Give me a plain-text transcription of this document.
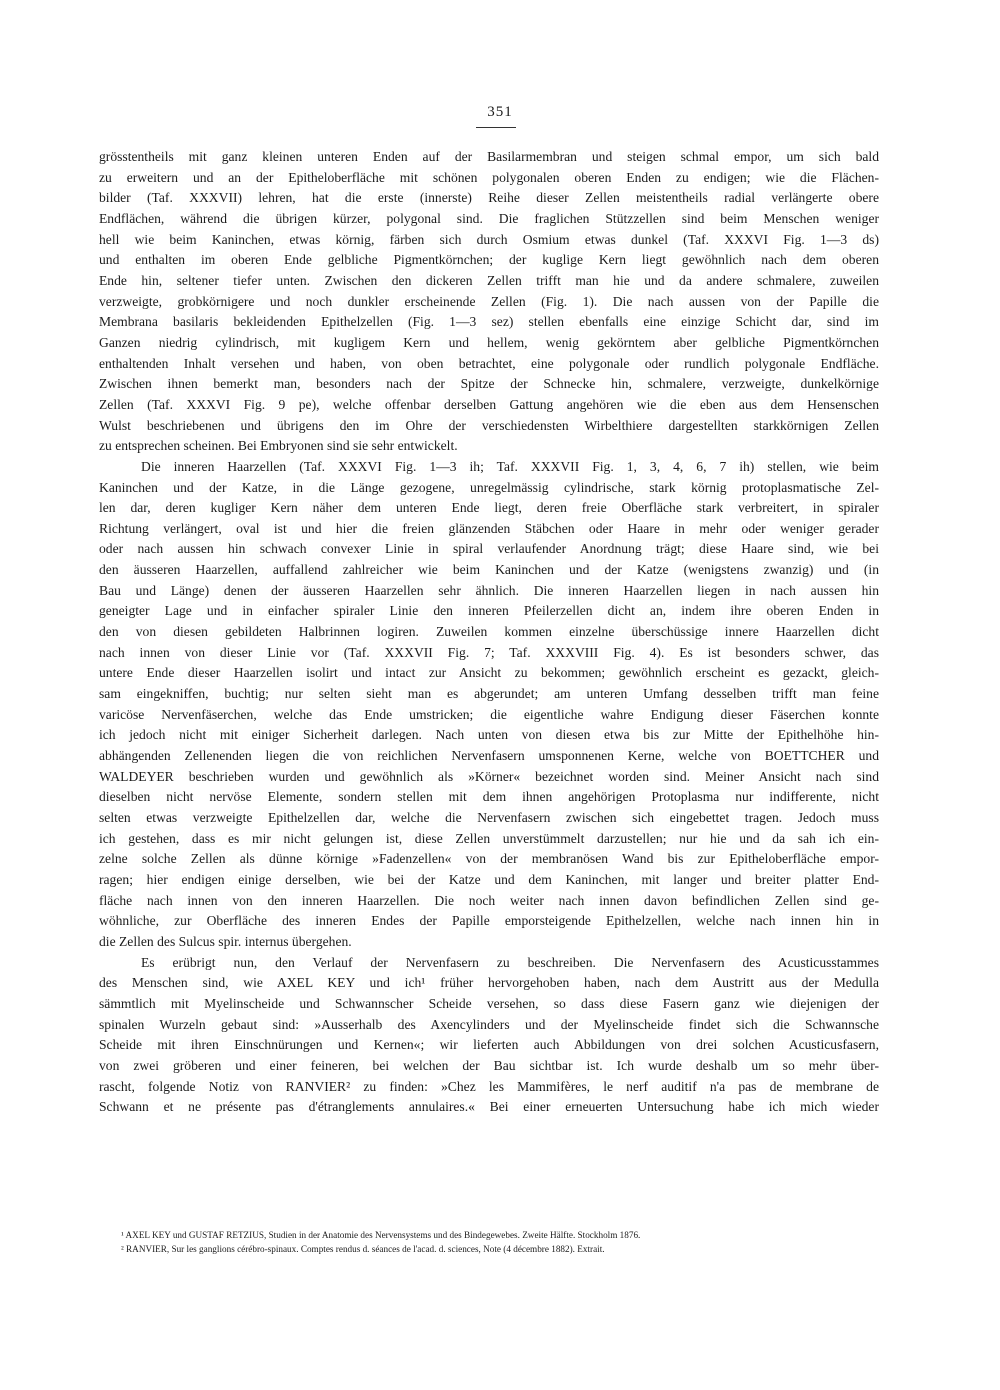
351
grösstentheils mit ganz kleinen unteren Enden auf der Basilarmembran und steigen schmal empor, um sich bald
zu erweitern und an der Epitheloberfläche mit schönen polygonalen oberen Enden zu endigen; wie die Flächen-
bilder (Taf. XXXVII) lehren, hat die erste (innerste) Reihe dieser Zellen meistentheils radial verlängerte obere
Endflächen, während die übrigen kürzer, polygonal sind. Die fraglichen Stützzellen sind beim Menschen weniger
hell wie beim Kaninchen, etwas körnig, färben sich durch Osmium etwas dunkel (Taf. XXXVI Fig. 1—3 ds)
und enthalten im oberen Ende gelbliche Pigmentkörnchen; der kuglige Kern liegt gewöhnlich nach dem oberen
Ende hin, seltener tiefer unten. Zwischen den dickeren Zellen trifft man hie und da andere schmalere, zuweilen
verzweigte, grobkörnigere und noch dunkler erscheinende Zellen (Fig. 1). Die nach aussen von der Papille die
Membrana basilaris bekleidenden Epithelzellen (Fig. 1—3 sez) stellen ebenfalls eine einzige Schicht dar, sind im
Ganzen niedrig cylindrisch, mit kugligem Kern und hellem, wenig gekörntem aber gelbliche Pigmentkörnchen
enthaltenden Inhalt versehen und haben, von oben betrachtet, eine polygonale oder rundlich polygonale Endfläche.
Zwischen ihnen bemerkt man, besonders nach der Spitze der Schnecke hin, schmalere, verzweigte, dunkelkörnige
Zellen (Taf. XXXVI Fig. 9 pe), welche offenbar derselben Gattung angehören wie die eben aus dem Hensenschen
Wulst beschriebenen und übrigens den im Ohre der verschiedensten Wirbelthiere dargestellten starkkörnigen Zellen
zu entsprechen scheinen. Bei Embryonen sind sie sehr entwickelt.
Die inneren Haarzellen (Taf. XXXVI Fig. 1—3 ih; Taf. XXXVII Fig. 1, 3, 4, 6, 7 ih) stellen, wie beim
Kaninchen und der Katze, in die Länge gezogene, unregelmässig cylindrische, stark körnig protoplasmatische Zel-
len dar, deren kugliger Kern näher dem unteren Ende liegt, deren freie Oberfläche stark verbreitert, in spiraler
Richtung verlängert, oval ist und hier die freien glänzenden Stäbchen oder Haare in mehr oder weniger gerader
oder nach aussen hin schwach convexer Linie in spiral verlaufender Anordnung trägt; diese Haare sind, wie bei
den äusseren Haarzellen, auffallend zahlreicher wie beim Kaninchen und der Katze (wenigstens zwanzig) und (in
Bau und Länge) denen der äusseren Haarzellen sehr ähnlich. Die inneren Haarzellen liegen in nach aussen hin
geneigter Lage und in einfacher spiraler Linie den inneren Pfeilerzellen dicht an, indem ihre oberen Enden in
den von diesen gebildeten Halbrinnen logiren. Zuweilen kommen einzelne überschüssige innere Haarzellen dicht
nach innen von dieser Linie vor (Taf. XXXVII Fig. 7; Taf. XXXVIII Fig. 4). Es ist besonders schwer, das
untere Ende dieser Haarzellen isolirt und intact zur Ansicht zu bekommen; gewöhnlich erscheint es gezackt, gleich-
sam eingekniffen, buchtig; nur selten sieht man es abgerundet; am unteren Umfang desselben trifft man feine
varicöse Nervenfäserchen, welche das Ende umstricken; die eigentliche wahre Endigung dieser Fäserchen konnte
ich jedoch nicht mit einiger Sicherheit darlegen. Nach unten von diesen etwa bis zur Mitte der Epithelhöhe hin-
abhängenden Zellenenden liegen die von reichlichen Nervenfasern umsponnenen Kerne, welche von BOETTCHER und
WALDEYER beschrieben wurden und gewöhnlich als »Körner« bezeichnet worden sind. Meiner Ansicht nach sind
dieselben nicht nervöse Elemente, sondern stellen mit dem ihnen angehörigen Protoplasma nur indifferente, nicht
selten etwas verzweigte Epithelzellen dar, welche die Nervenfasern zwischen sich eingebettet tragen. Jedoch muss
ich gestehen, dass es mir nicht gelungen ist, diese Zellen unverstümmelt darzustellen; nur hie und da sah ich ein-
zelne solche Zellen als dünne körnige »Fadenzellen« von der membranösen Wand bis zur Epitheloberfläche empor-
ragen; hier endigen einige derselben, wie bei der Katze und dem Kaninchen, mit langer und breiter platter End-
fläche nach innen von den inneren Haarzellen. Die noch weiter nach innen davon befindlichen Zellen sind ge-
wöhnliche, zur Oberfläche des inneren Endes der Papille emporsteigende Epithelzellen, welche nach innen hin in
die Zellen des Sulcus spir. internus übergehen.
Es erübrigt nun, den Verlauf der Nervenfasern zu beschreiben. Die Nervenfasern des Acusticusstammes
des Menschen sind, wie AXEL KEY und ich¹ früher hervorgehoben haben, nach dem Austritt aus der Medulla
sämmtlich mit Myelinscheide und Schwannscher Scheide versehen, so dass diese Fasern ganz wie diejenigen der
spinalen Wurzeln gebaut sind: »Ausserhalb des Axencylinders und der Myelinscheide findet sich die Schwannsche
Scheide mit ihren Einschnürungen und Kernen«; wir lieferten auch Abbildungen von drei solchen Acusticusfasern,
von zwei gröberen und einer feineren, bei welchen der Bau sichtbar ist. Ich wurde deshalb um so mehr über-
rascht, folgende Notiz von RANVIER² zu finden: »Chez les Mammifères, le nerf auditif n'a pas de membrane de
Schwann et ne présente pas d'étranglements annulaires.« Bei einer erneuerten Untersuchung habe ich mich wieder
¹ AXEL KEY und GUSTAF RETZIUS, Studien in der Anatomie des Nervensystems und des Bindegewebes. Zweite Hälfte. Stockholm 1876.
² RANVIER, Sur les ganglions cérébro-spinaux. Comptes rendus d. séances de l'acad. d. sciences, Note (4 décembre 1882). Extrait.
